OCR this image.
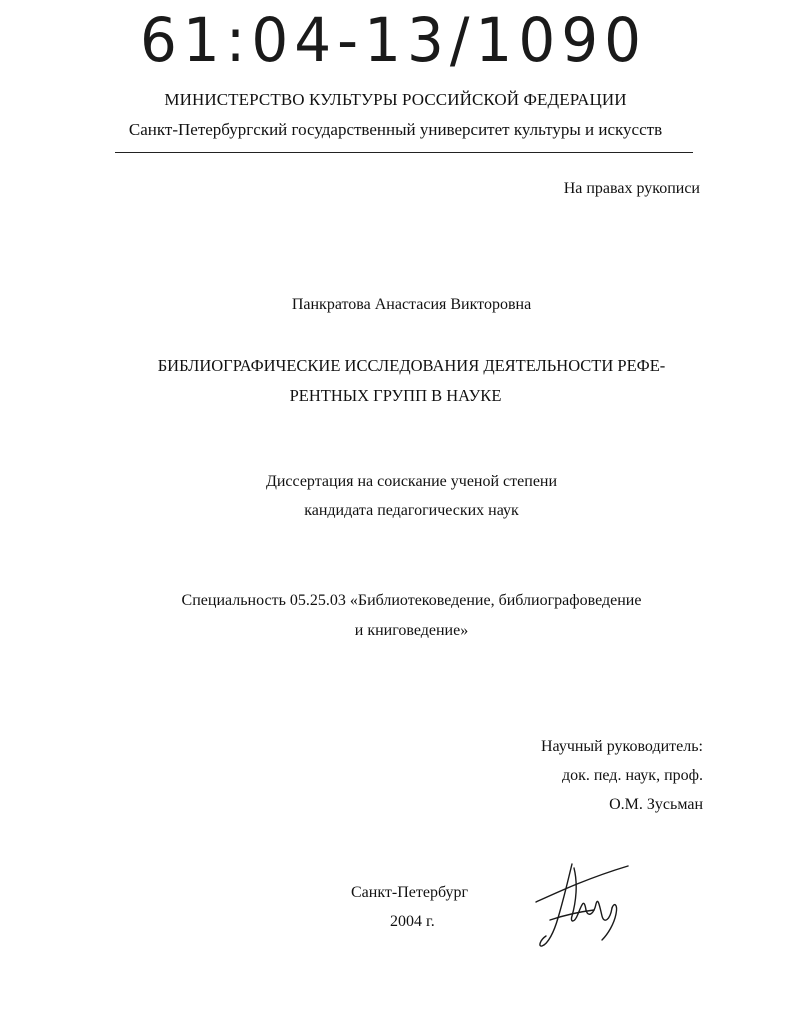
61:04-13/1090
МИНИСТЕРСТВО КУЛЬТУРЫ РОССИЙСКОЙ ФЕДЕРАЦИИ
Санкт-Петербургский государственный университет культуры и искусств
На правах рукописи
Панкратова Анастасия Викторовна
БИБЛИОГРАФИЧЕСКИЕ ИССЛЕДОВАНИЯ ДЕЯТЕЛЬНОСТИ РЕФЕ-
РЕНТНЫХ ГРУПП В НАУКЕ
Диссертация на соискание ученой степени
кандидата педагогических наук
Специальность 05.25.03 «Библиотековедение, библиографоведение
и книговедение»
Научный руководитель:
док. пед. наук, проф.
О.М. Зусьман
Санкт-Петербург
2004 г.
